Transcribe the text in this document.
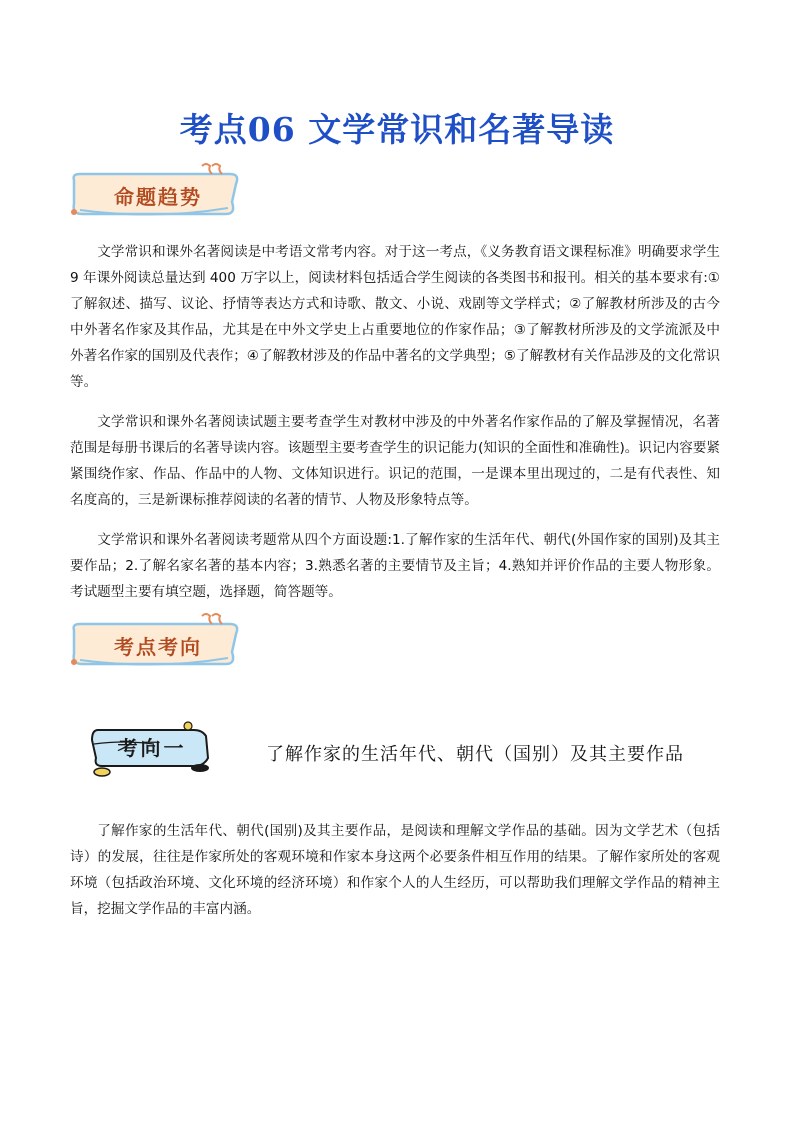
考点06 文学常识和名著导读
命题趋势

文学常识和课外名著阅读是中考语文常考内容。对于这一考点，《义务教育语文课程标准》明确要求学生 9 年课外阅读总量达到 400 万字以上，阅读材料包括适合学生阅读的各类图书和报刊。相关的基本要求有:①了解叙述、描写、议论、抒情等表达方式和诗歌、散文、小说、戏剧等文学样式；②了解教材所涉及的古今中外著名作家及其作品，尤其是在中外文学史上占重要地位的作家作品；③了解教材所涉及的文学流派及中外著名作家的国别及代表作；④了解教材涉及的作品中著名的文学典型；⑤了解教材有关作品涉及的文化常识等。

文学常识和课外名著阅读试题主要考查学生对教材中涉及的中外著名作家作品的了解及掌握情况，名著范围是每册书课后的名著导读内容。该题型主要考查学生的识记能力(知识的全面性和准确性)。识记内容要紧紧围绕作家、作品、作品中的人物、文体知识进行。识记的范围，一是课本里出现过的，二是有代表性、知名度高的，三是新课标推荐阅读的名著的情节、人物及形象特点等。

文学常识和课外名著阅读考题常从四个方面设题:1.了解作家的生活年代、朝代(外国作家的国别)及其主要作品；2.了解名家名著的基本内容；3.熟悉名著的主要情节及主旨；4.熟知并评价作品的主要人物形象。考试题型主要有填空题，选择题，简答题等。

考点考向
考向一	了解作家的生活年代、朝代（国别）及其主要作品

了解作家的生活年代、朝代(国别)及其主要作品，是阅读和理解文学作品的基础。因为文学艺术（包括诗）的发展，往往是作家所处的客观环境和作家本身这两个必要条件相互作用的结果。了解作家所处的客观环境（包括政治环境、文化环境的经济环境）和作家个人的人生经历，可以帮助我们理解文学作品的精神主旨，挖掘文学作品的丰富内涵。
